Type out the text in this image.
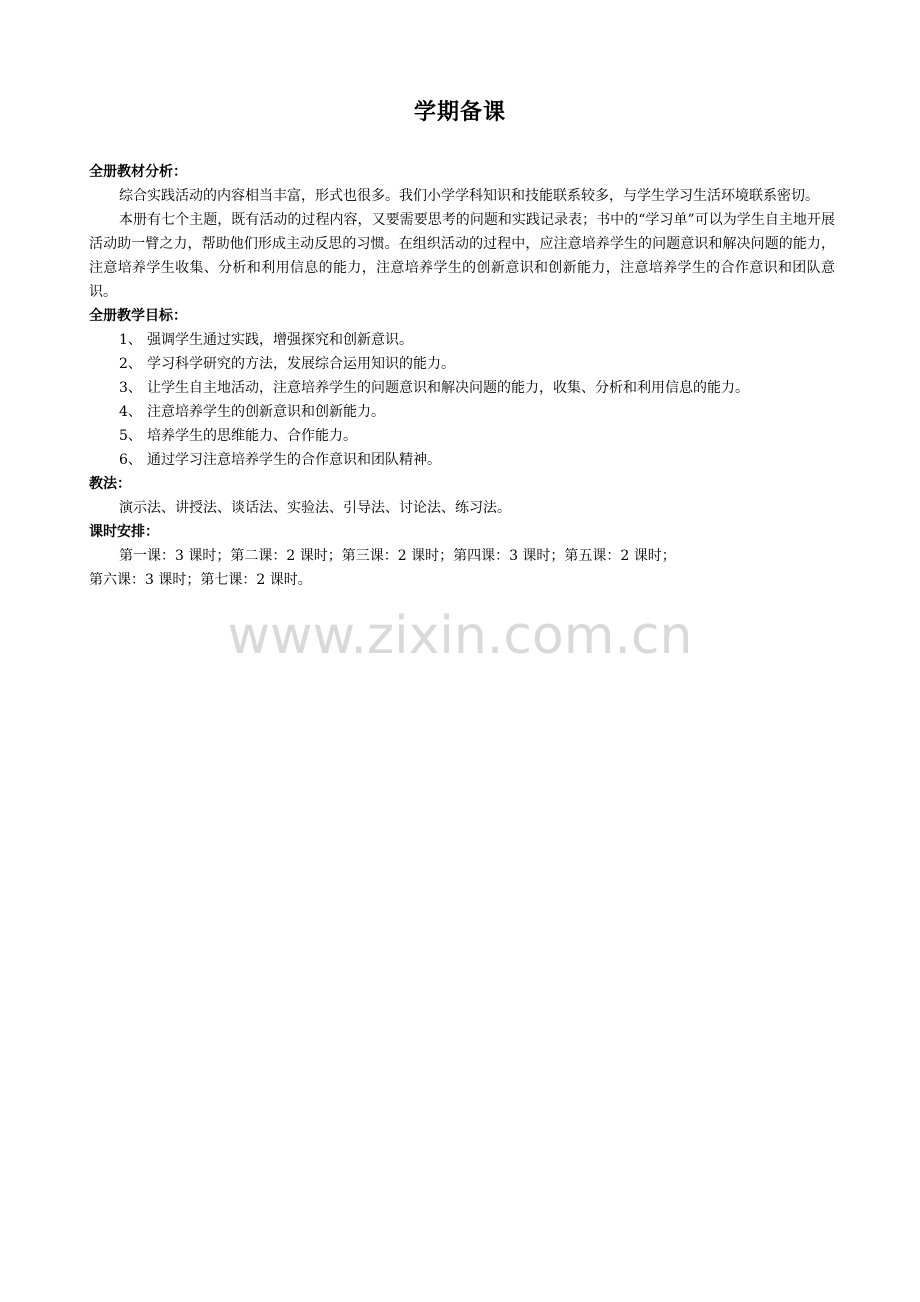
学期备课

全册教材分析：

综合实践活动的内容相当丰富，形式也很多。我们小学学科知识和技能联系较多，与学生学习生活环境联系密切。

本册有七个主题，既有活动的过程内容，又要需要思考的问题和实践记录表；书中的“学习单”可以为学生自主地开展活动助一臂之力，帮助他们形成主动反思的习惯。在组织活动的过程中，应注意培养学生的问题意识和解决问题的能力，注意培养学生收集、分析和利用信息的能力，注意培养学生的创新意识和创新能力，注意培养学生的合作意识和团队意识。

全册教学目标：

1、 强调学生通过实践，增强探究和创新意识。

2、 学习科学研究的方法，发展综合运用知识的能力。

3、 让学生自主地活动，注意培养学生的问题意识和解决问题的能力，收集、分析和利用信息的能力。

4、 注意培养学生的创新意识和创新能力。

5、 培养学生的思维能力、合作能力。

6、 通过学习注意培养学生的合作意识和团队精神。

教法：

演示法、讲授法、谈话法、实验法、引导法、讨论法、练习法。

课时安排：

第一课：3 课时；第二课：2 课时；第三课：2 课时；第四课：3 课时；第五课：2 课时；

第六课：3 课时；第七课：2 课时。

www.zixin.com.cn
